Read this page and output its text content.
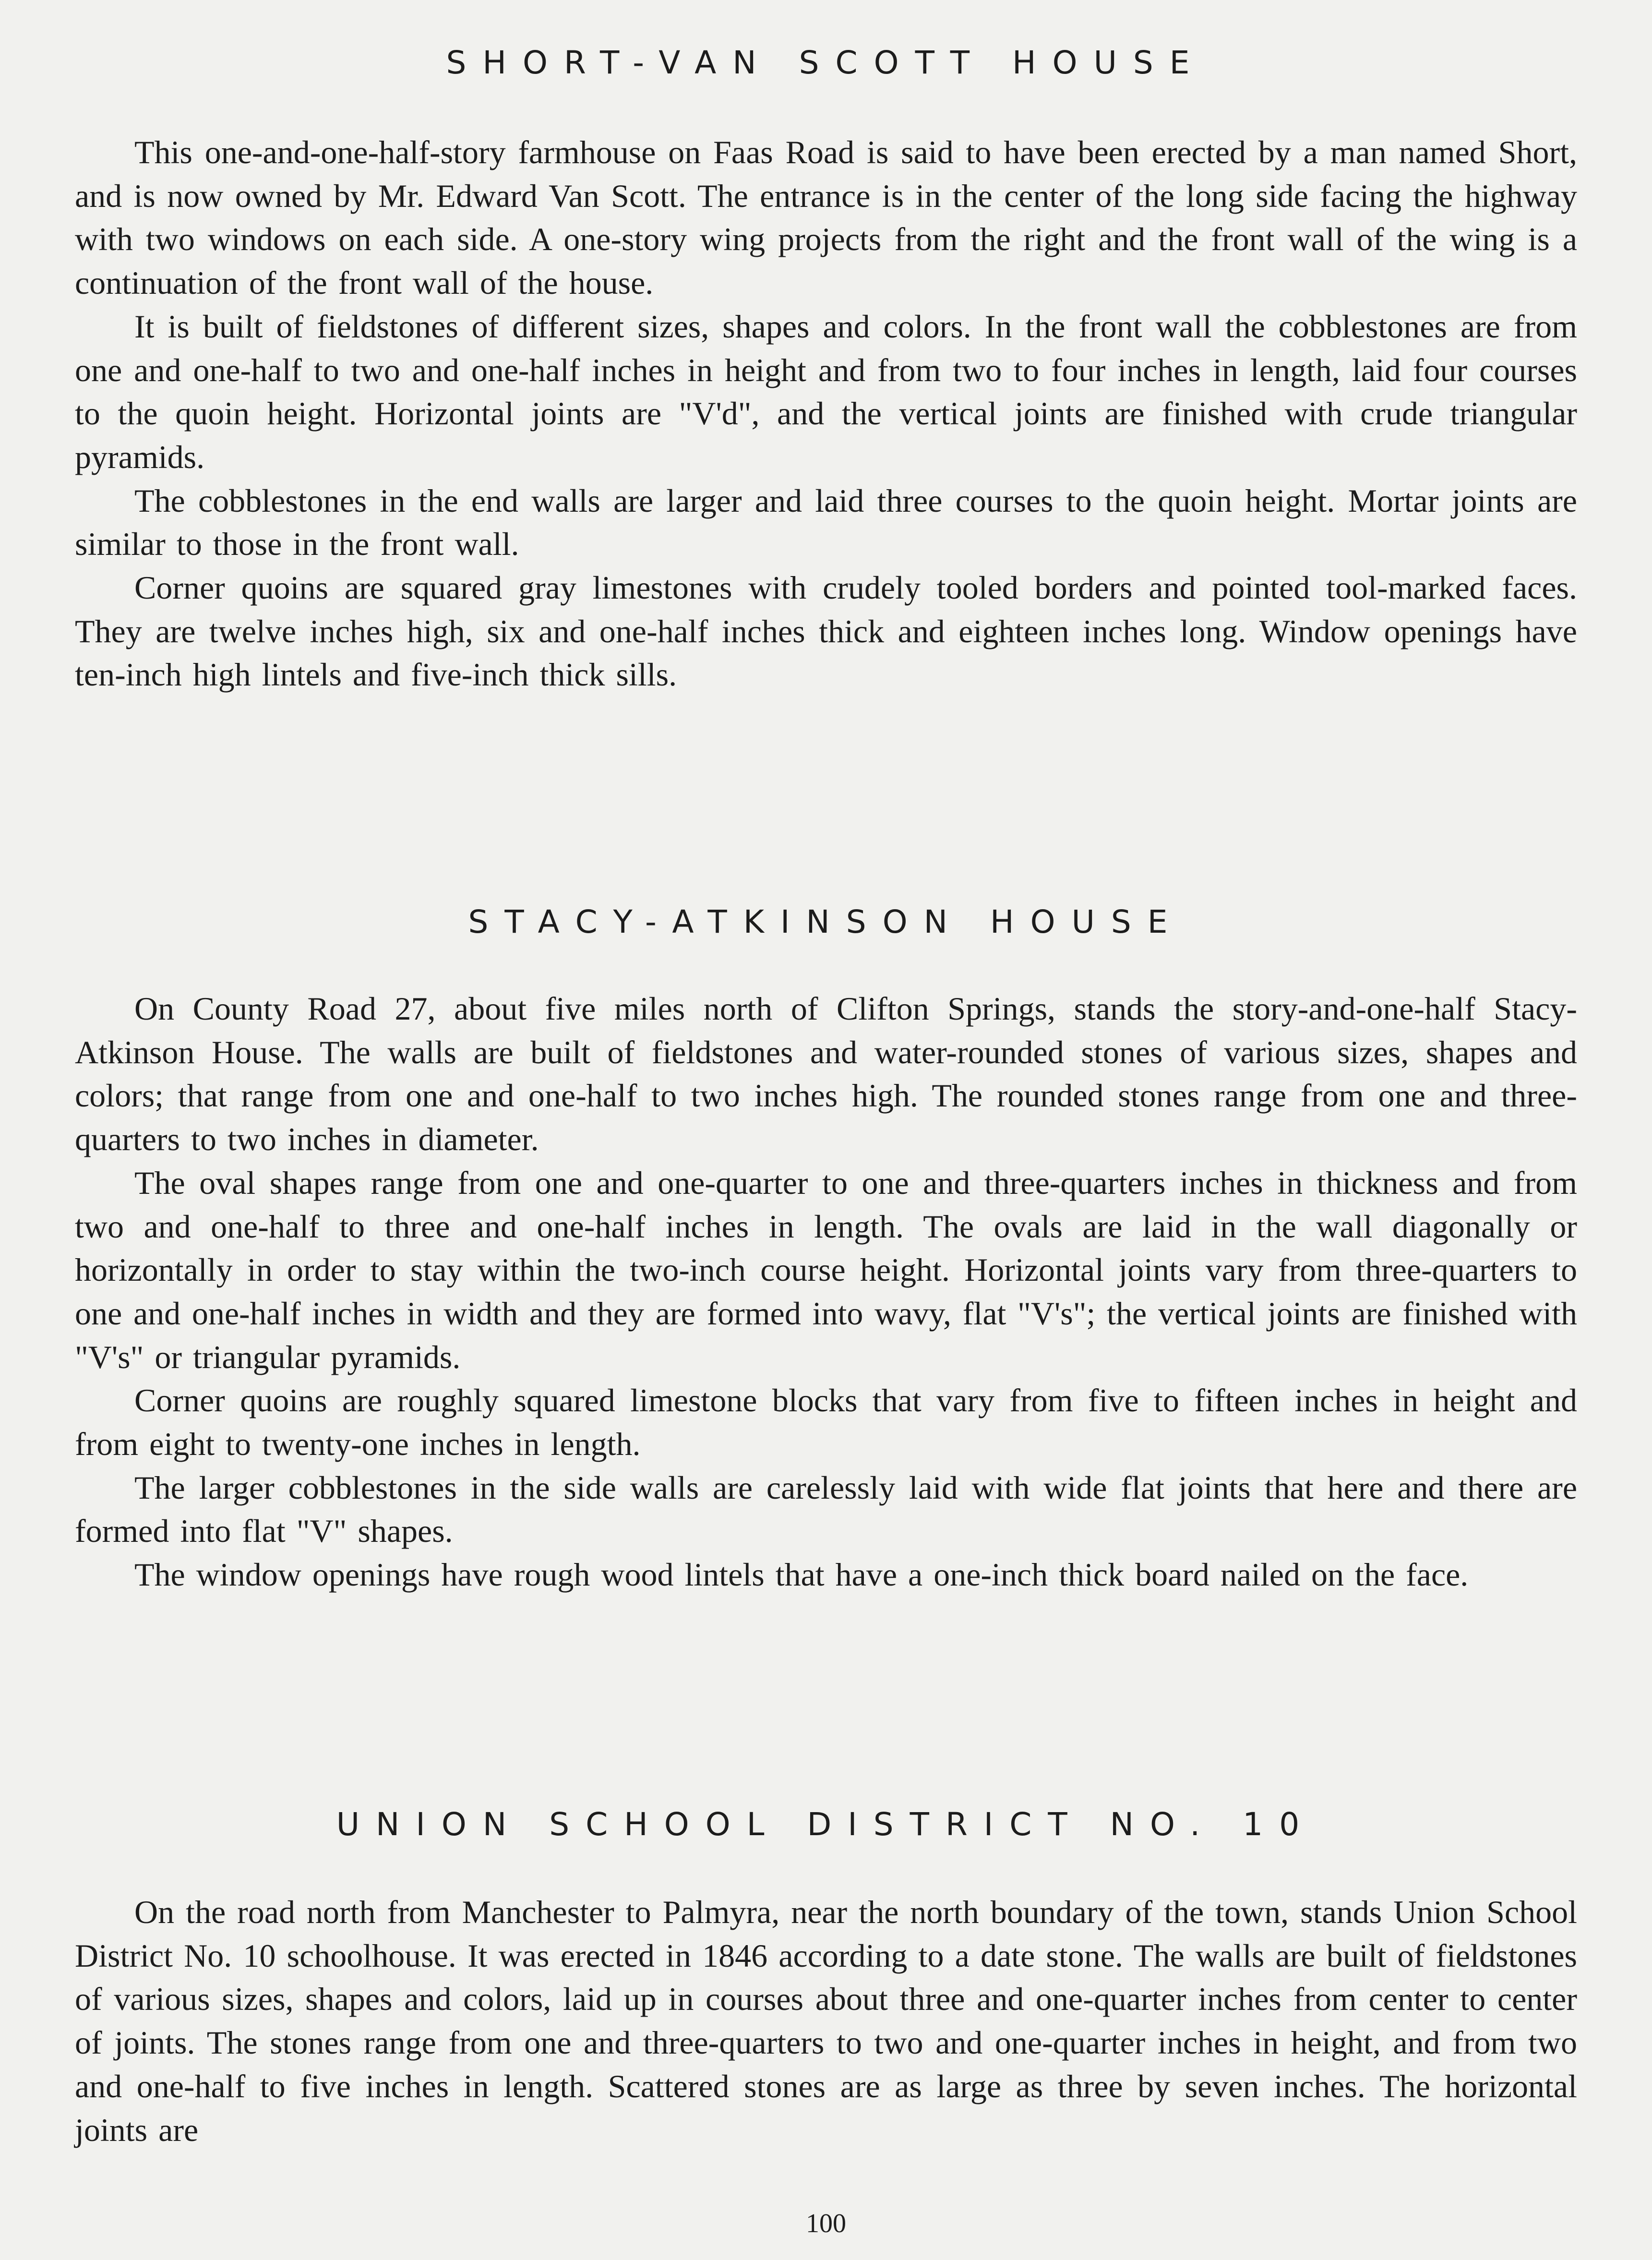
SHORT-VAN SCOTT HOUSE

This one-and-one-half-story farmhouse on Faas Road is said to have been erected by a man named Short, and is now owned by Mr. Edward Van Scott. The entrance is in the center of the long side facing the highway with two windows on each side. A one-story wing projects from the right and the front wall of the wing is a continuation of the front wall of the house.

It is built of fieldstones of different sizes, shapes and colors. In the front wall the cobblestones are from one and one-half to two and one-half inches in height and from two to four inches in length, laid four courses to the quoin height. Horizontal joints are "V'd", and the vertical joints are finished with crude triangular pyramids.

The cobblestones in the end walls are larger and laid three courses to the quoin height. Mortar joints are similar to those in the front wall.

Corner quoins are squared gray limestones with crudely tooled borders and pointed tool-marked faces. They are twelve inches high, six and one-half inches thick and eighteen inches long. Window openings have ten-inch high lintels and five-inch thick sills.

STACY-ATKINSON HOUSE

On County Road 27, about five miles north of Clifton Springs, stands the story-and-one-half Stacy-Atkinson House. The walls are built of fieldstones and water-rounded stones of various sizes, shapes and colors; that range from one and one-half to two inches high. The rounded stones range from one and three-quarters to two inches in diameter.

The oval shapes range from one and one-quarter to one and three-quarters inches in thickness and from two and one-half to three and one-half inches in length. The ovals are laid in the wall diagonally or horizontally in order to stay within the two-inch course height. Horizontal joints vary from three-quarters to one and one-half inches in width and they are formed into wavy, flat "V's"; the vertical joints are finished with "V's" or triangular pyramids.

Corner quoins are roughly squared limestone blocks that vary from five to fifteen inches in height and from eight to twenty-one inches in length.

The larger cobblestones in the side walls are carelessly laid with wide flat joints that here and there are formed into flat "V" shapes.

The window openings have rough wood lintels that have a one-inch thick board nailed on the face.

UNION SCHOOL DISTRICT NO. 10

On the road north from Manchester to Palmyra, near the north boundary of the town, stands Union School District No. 10 schoolhouse. It was erected in 1846 according to a date stone. The walls are built of fieldstones of various sizes, shapes and colors, laid up in courses about three and one-quarter inches from center to center of joints. The stones range from one and three-quarters to two and one-quarter inches in height, and from two and one-half to five inches in length. Scattered stones are as large as three by seven inches. The horizontal joints are

100
